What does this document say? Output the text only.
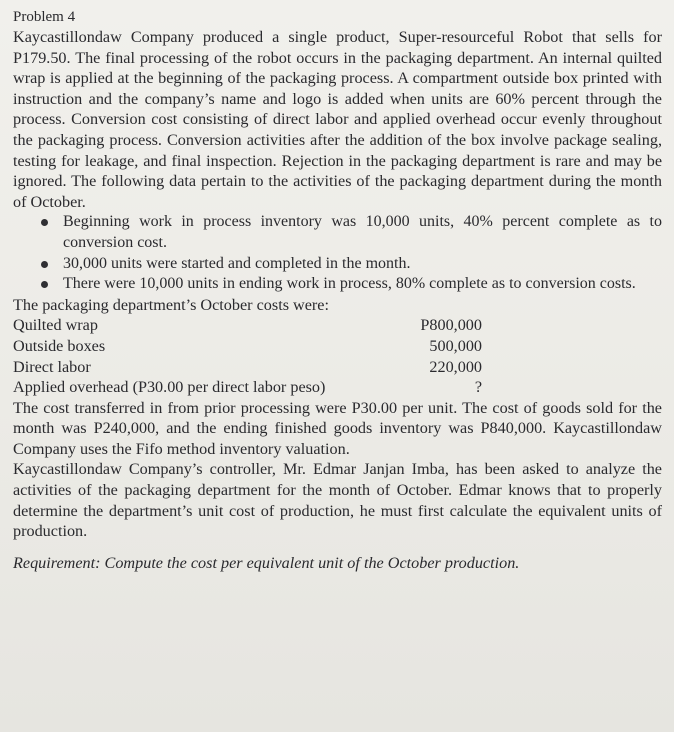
Problem 4

Kaycastillondaw Company produced a single product, Super-resourceful Robot that sells for P179.50. The final processing of the robot occurs in the packaging department. An internal quilted wrap is applied at the beginning of the packaging process. A compartment outside box printed with instruction and the company’s name and logo is added when units are 60% percent through the process. Conversion cost consisting of direct labor and applied overhead occur evenly throughout the packaging process. Conversion activities after the addition of the box involve package sealing, testing for leakage, and final inspection. Rejection in the packaging department is rare and may be ignored. The following data pertain to the activities of the packaging department during the month of October.

Beginning work in process inventory was 10,000 units, 40% percent complete as to conversion cost.
30,000 units were started and completed in the month.
There were 10,000 units in ending work in process, 80% complete as to conversion costs.

The packaging department’s October costs were:

Quilted wrap	P800,000
Outside boxes	500,000
Direct labor	220,000
Applied overhead (P30.00 per direct labor peso)	?

The cost transferred in from prior processing were P30.00 per unit. The cost of goods sold for the month was P240,000, and the ending finished goods inventory was P840,000. Kaycastillondaw Company uses the Fifo method inventory valuation.

Kaycastillondaw Company’s controller, Mr. Edmar Janjan Imba, has been asked to analyze the activities of the packaging department for the month of October. Edmar knows that to properly determine the department’s unit cost of production, he must first calculate the equivalent units of production.

Requirement: Compute the cost per equivalent unit of the October production.
